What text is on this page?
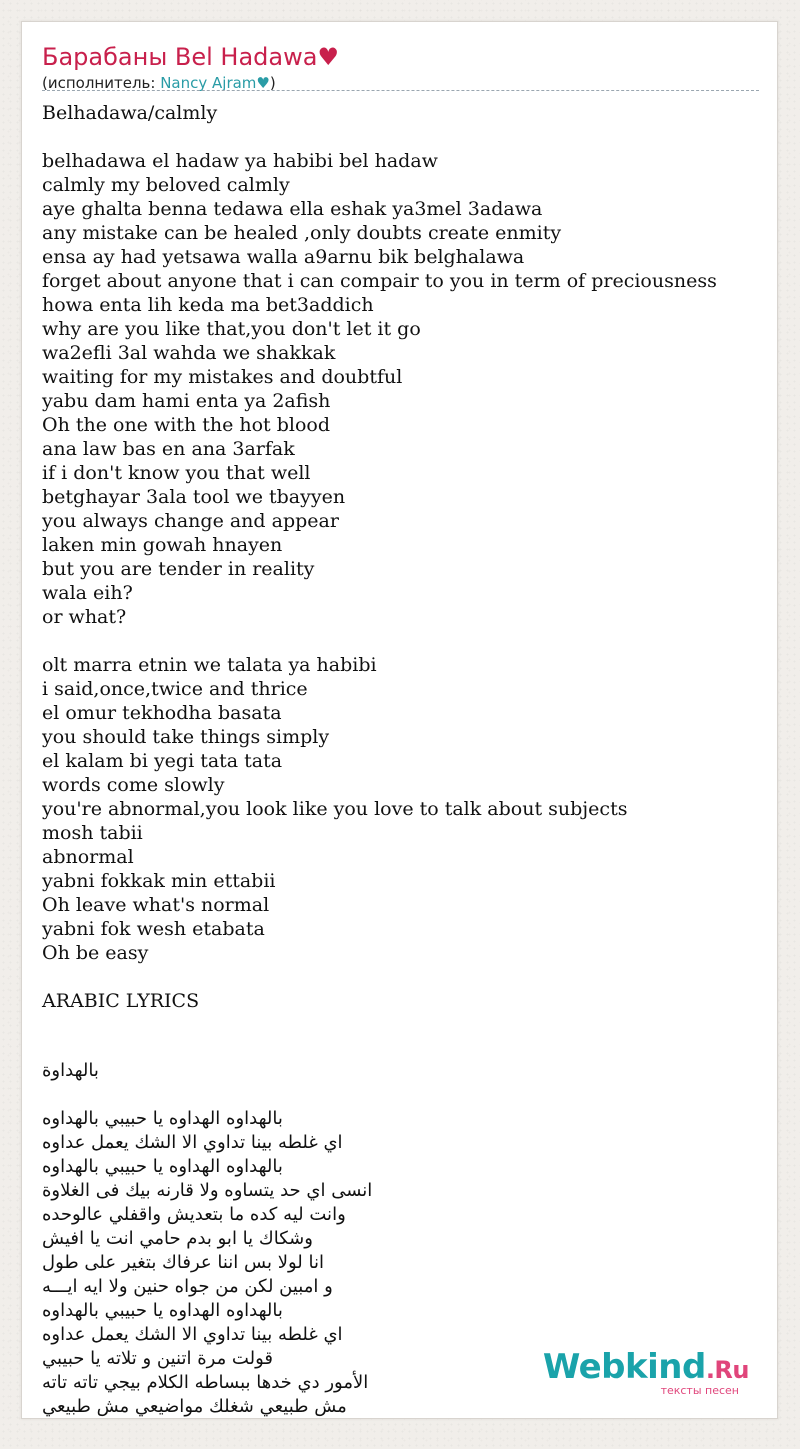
Барабаны Bel Hadawa♥
(исполнитель: Nancy Ajram♥)
Belhadawa/calmly
belhadawa el hadaw ya habibi bel hadaw
calmly my beloved calmly
aye ghalta benna tedawa ella eshak ya3mel 3adawa
any mistake can be healed ,only doubts create enmity
ensa ay had yetsawa walla a9arnu bik belghalawa
forget about anyone that i can compair to you in term of preciousness
howa enta lih keda ma bet3addich
why are you like that,you don't let it go
wa2efli 3al wahda we shakkak
waiting for my mistakes and doubtful
yabu dam hami enta ya 2afish
Oh the one with the hot blood
ana law bas en ana 3arfak
if i don't know you that well
betghayar 3ala tool we tbayyen
you always change and appear
laken min gowah hnayen
but you are tender in reality
wala eih?
or what?
olt marra etnin we talata ya habibi
i said,once,twice and thrice
el omur tekhodha basata
you should take things simply
el kalam bi yegi tata tata
words come slowly
you're abnormal,you look like you love to talk about subjects
mosh tabii
abnormal
yabni fokkak min ettabii
Oh leave what's normal
yabni fok wesh etabata
Oh be easy
ARABIC LYRICS
بالهداوة
بالهداوه الهداوه يا حبيبي بالهداوه
اي غلطه بينا تداوي الا الشك يعمل عداوه
بالهداوه الهداوه يا حبيبي بالهداوه
انسى اي حد يتساوه ولا قارنه بيك فى الغلاوة
وانت ليه كده ما بتعديش واقفلي عالوحده
وشكاك يا ابو بدم حامي انت يا افيش
انا لولا بس اننا عرفاك بتغير على طول
و امبين لكن من جواه حنين ولا ايه ايـــه
بالهداوه الهداوه يا حبيبي بالهداوه
اي غلطه بينا تداوي الا الشك يعمل عداوه
قولت مرة اتنين و تلاته يا حبيبي
الأمور دي خدها ببساطه الكلام بيجي تاته تاته
مش طبيعي شغلك مواضيعي مش طبيعي
Webkind.Ru
тексты песен
